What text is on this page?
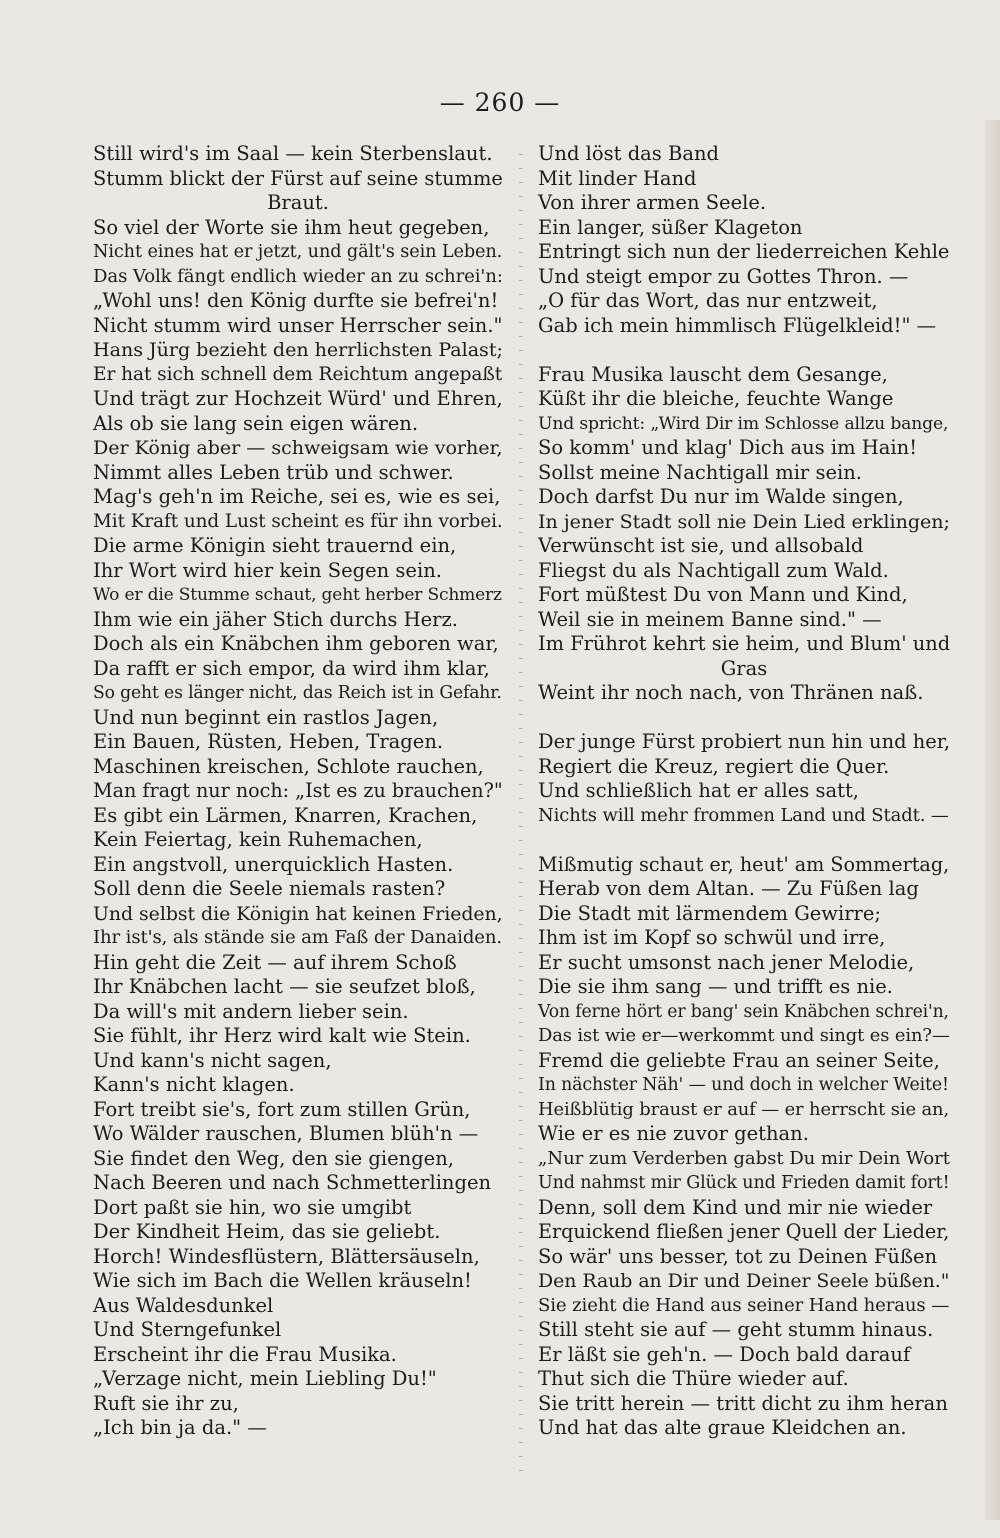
— 260 —
Still wird's im Saal — kein Sterbenslaut.
Stumm blickt der Fürst auf seine stumme
Braut.
So viel der Worte sie ihm heut gegeben,
Nicht eines hat er jetzt, und gält's sein Leben.
Das Volk fängt endlich wieder an zu schrei'n:
„Wohl uns! den König durfte sie befrei'n!
Nicht stumm wird unser Herrscher sein."
Hans Jürg bezieht den herrlichsten Palast;
Er hat sich schnell dem Reichtum angepaßt
Und trägt zur Hochzeit Würd' und Ehren,
Als ob sie lang sein eigen wären.
Der König aber — schweigsam wie vorher,
Nimmt alles Leben trüb und schwer.
Mag's geh'n im Reiche, sei es, wie es sei,
Mit Kraft und Lust scheint es für ihn vorbei.
Die arme Königin sieht trauernd ein,
Ihr Wort wird hier kein Segen sein.
Wo er die Stumme schaut, geht herber Schmerz
Ihm wie ein jäher Stich durchs Herz.
Doch als ein Knäbchen ihm geboren war,
Da rafft er sich empor, da wird ihm klar,
So geht es länger nicht, das Reich ist in Gefahr.
Und nun beginnt ein rastlos Jagen,
Ein Bauen, Rüsten, Heben, Tragen.
Maschinen kreischen, Schlote rauchen,
Man fragt nur noch: „Ist es zu brauchen?"
Es gibt ein Lärmen, Knarren, Krachen,
Kein Feiertag, kein Ruhemachen,
Ein angstvoll, unerquicklich Hasten.
Soll denn die Seele niemals rasten?
Und selbst die Königin hat keinen Frieden,
Ihr ist's, als stände sie am Faß der Danaiden.
Hin geht die Zeit — auf ihrem Schoß
Ihr Knäbchen lacht — sie seufzet bloß,
Da will's mit andern lieber sein.
Sie fühlt, ihr Herz wird kalt wie Stein.
Und kann's nicht sagen,
Kann's nicht klagen.
Fort treibt sie's, fort zum stillen Grün,
Wo Wälder rauschen, Blumen blüh'n —
Sie findet den Weg, den sie giengen,
Nach Beeren und nach Schmetterlingen
Dort paßt sie hin, wo sie umgibt
Der Kindheit Heim, das sie geliebt.
Horch! Windesflüstern, Blättersäuseln,
Wie sich im Bach die Wellen kräuseln!
Aus Waldesdunkel
Und Sterngefunkel
Erscheint ihr die Frau Musika.
„Verzage nicht, mein Liebling Du!"
Ruft sie ihr zu,
„Ich bin ja da." —
Und löst das Band
Mit linder Hand
Von ihrer armen Seele.
Ein langer, süßer Klageton
Entringt sich nun der liederreichen Kehle
Und steigt empor zu Gottes Thron. —
„O für das Wort, das nur entzweit,
Gab ich mein himmlisch Flügelkleid!" —
Frau Musika lauscht dem Gesange,
Küßt ihr die bleiche, feuchte Wange
Und spricht: „Wird Dir im Schlosse allzu bange,
So komm' und klag' Dich aus im Hain!
Sollst meine Nachtigall mir sein.
Doch darfst Du nur im Walde singen,
In jener Stadt soll nie Dein Lied erklingen;
Verwünscht ist sie, und allsobald
Fliegst du als Nachtigall zum Wald.
Fort müßtest Du von Mann und Kind,
Weil sie in meinem Banne sind." —
Im Frührot kehrt sie heim, und Blum' und
Gras
Weint ihr noch nach, von Thränen naß.
Der junge Fürst probiert nun hin und her,
Regiert die Kreuz, regiert die Quer.
Und schließlich hat er alles satt,
Nichts will mehr frommen Land und Stadt. —
Mißmutig schaut er, heut' am Sommertag,
Herab von dem Altan. — Zu Füßen lag
Die Stadt mit lärmendem Gewirre;
Ihm ist im Kopf so schwül und irre,
Er sucht umsonst nach jener Melodie,
Die sie ihm sang — und trifft es nie.
Von ferne hört er bang' sein Knäbchen schrei'n,
Das ist wie er—werkommt und singt es ein?—
Fremd die geliebte Frau an seiner Seite,
In nächster Näh' — und doch in welcher Weite!
Heißblütig braust er auf — er herrscht sie an,
Wie er es nie zuvor gethan.
„Nur zum Verderben gabst Du mir Dein Wort
Und nahmst mir Glück und Frieden damit fort!
Denn, soll dem Kind und mir nie wieder
Erquickend fließen jener Quell der Lieder,
So wär' uns besser, tot zu Deinen Füßen
Den Raub an Dir und Deiner Seele büßen."
Sie zieht die Hand aus seiner Hand heraus —
Still steht sie auf — geht stumm hinaus.
Er läßt sie geh'n. — Doch bald darauf
Thut sich die Thüre wieder auf.
Sie tritt herein — tritt dicht zu ihm heran
Und hat das alte graue Kleidchen an.
